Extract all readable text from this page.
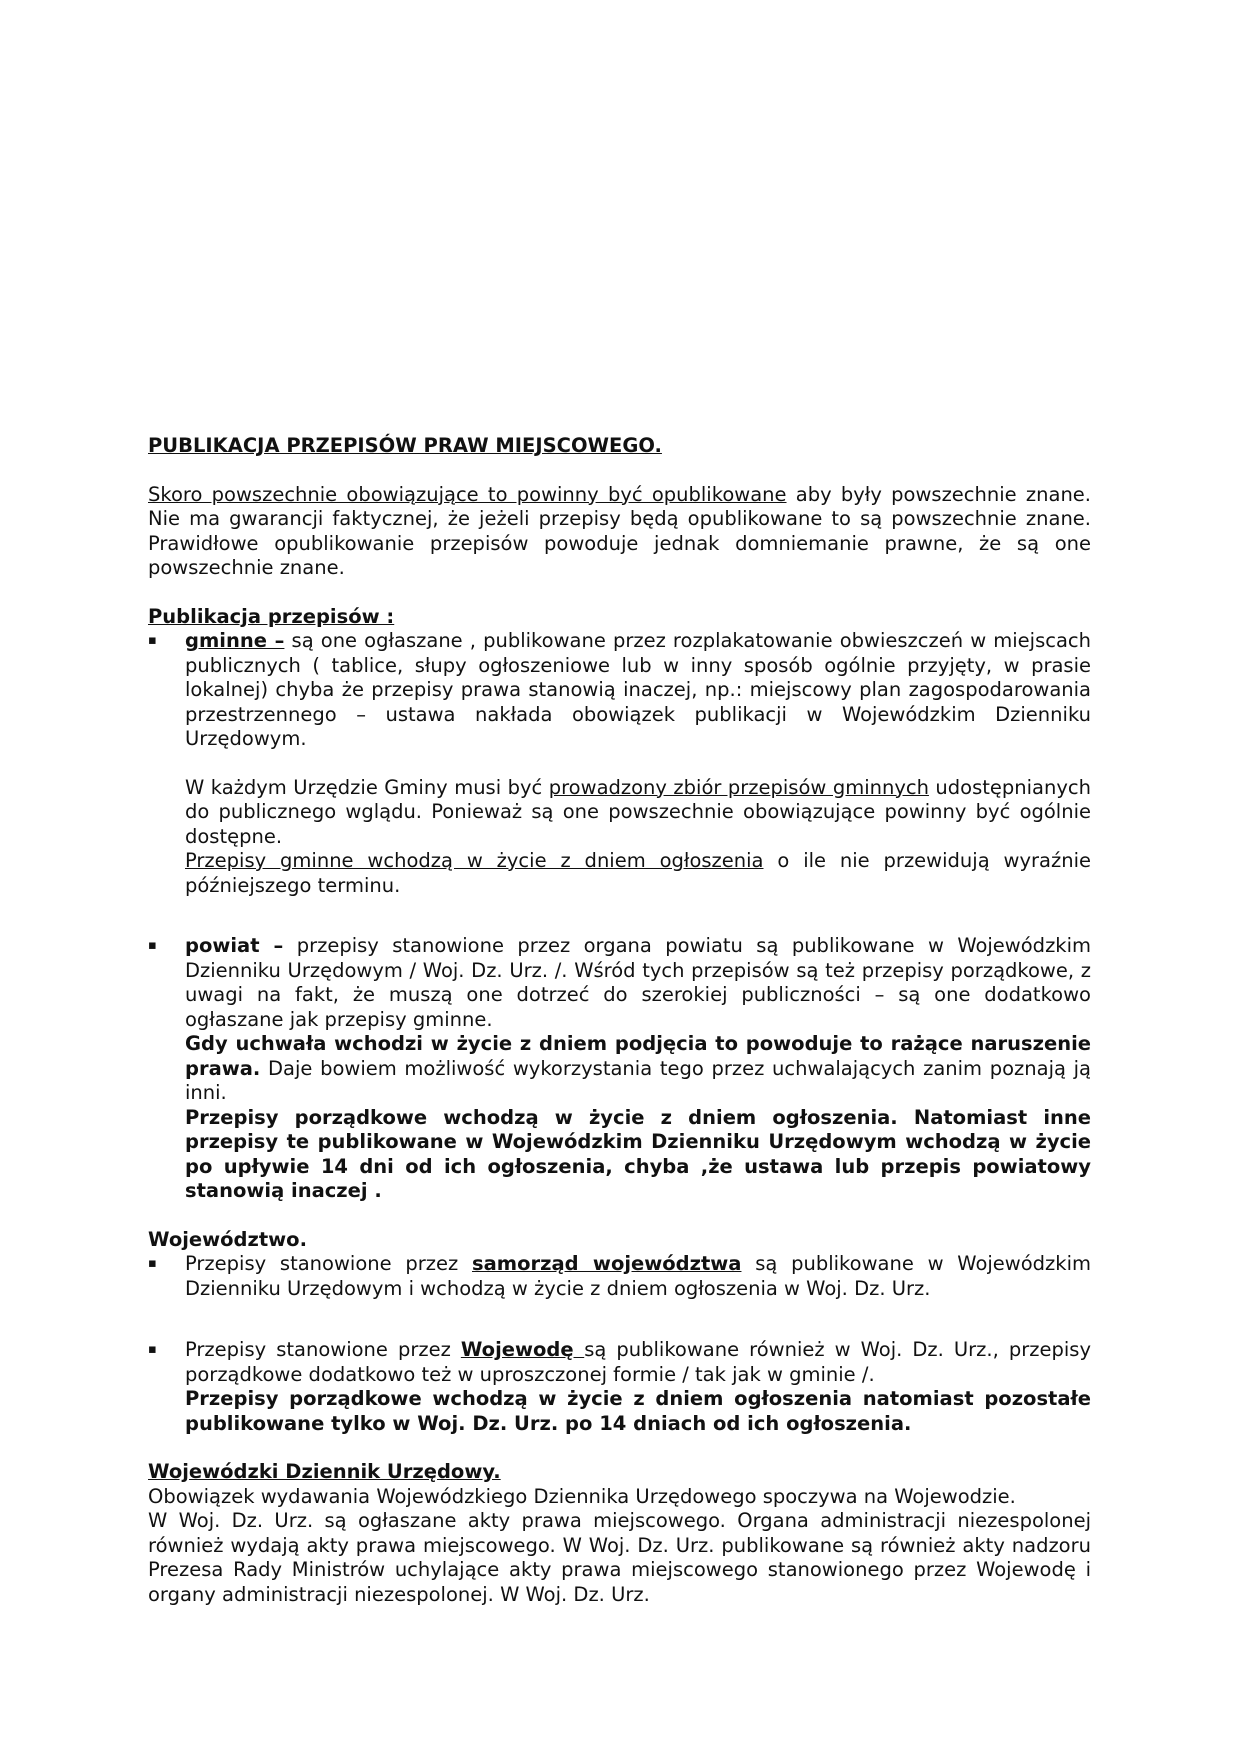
PUBLIKACJA PRZEPISÓW PRAW MIEJSCOWEGO.

Skoro powszechnie obowiązujące to powinny być opublikowane aby były powszechnie znane. Nie ma gwarancji faktycznej, że jeżeli przepisy będą opublikowane to są powszechnie znane. Prawidłowe opublikowanie przepisów powoduje jednak domniemanie prawne, że są one powszechnie znane.

Publikacja przepisów :

▪	gminne – są one ogłaszane , publikowane przez rozplakatowanie obwieszczeń w miejscach publicznych ( tablice, słupy ogłoszeniowe lub w inny sposób ogólnie przyjęty, w prasie lokalnej) chyba że przepisy prawa stanowią inaczej, np.: miejscowy plan zagospodarowania przestrzennego – ustawa nakłada obowiązek publikacji w Wojewódzkim Dzienniku Urzędowym.

W każdym Urzędzie Gminy musi być prowadzony zbiór przepisów gminnych udostępnianych do publicznego wglądu. Ponieważ są one powszechnie obowiązujące powinny być ogólnie dostępne.

Przepisy gminne wchodzą w życie z dniem ogłoszenia o ile nie przewidują wyraźnie późniejszego terminu.

▪	powiat – przepisy stanowione przez organa powiatu są publikowane w Wojewódzkim Dzienniku Urzędowym / Woj. Dz. Urz. /. Wśród tych przepisów są też przepisy porządkowe, z uwagi na fakt, że muszą one dotrzeć do szerokiej publiczności – są one dodatkowo ogłaszane jak przepisy gminne.

Gdy uchwała wchodzi w życie z dniem podjęcia to powoduje to rażące naruszenie prawa. Daje bowiem możliwość wykorzystania tego przez uchwalających zanim poznają ją inni.

Przepisy porządkowe wchodzą w życie z dniem ogłoszenia. Natomiast inne przepisy te publikowane w Wojewódzkim Dzienniku Urzędowym wchodzą w życie po upływie 14 dni od ich ogłoszenia, chyba ,że ustawa lub przepis powiatowy stanowią inaczej .

Województwo.

▪	Przepisy stanowione przez samorząd województwa są publikowane w Wojewódzkim Dzienniku Urzędowym i wchodzą w życie z dniem ogłoszenia w Woj. Dz. Urz.

▪	Przepisy stanowione przez Wojewodę są publikowane również w Woj. Dz. Urz., przepisy porządkowe dodatkowo też w uproszczonej formie / tak jak w gminie /.

Przepisy porządkowe wchodzą w życie z dniem ogłoszenia natomiast pozostałe publikowane tylko w Woj. Dz. Urz. po 14 dniach od ich ogłoszenia.

Wojewódzki Dziennik Urzędowy.

Obowiązek wydawania Wojewódzkiego Dziennika Urzędowego spoczywa na Wojewodzie.

W Woj. Dz. Urz. są ogłaszane akty prawa miejscowego. Organa administracji niezespolonej również wydają akty prawa miejscowego. W Woj. Dz. Urz. publikowane są również akty nadzoru Prezesa Rady Ministrów uchylające akty prawa miejscowego stanowionego przez Wojewodę i organy administracji niezespolonej. W Woj. Dz. Urz.
